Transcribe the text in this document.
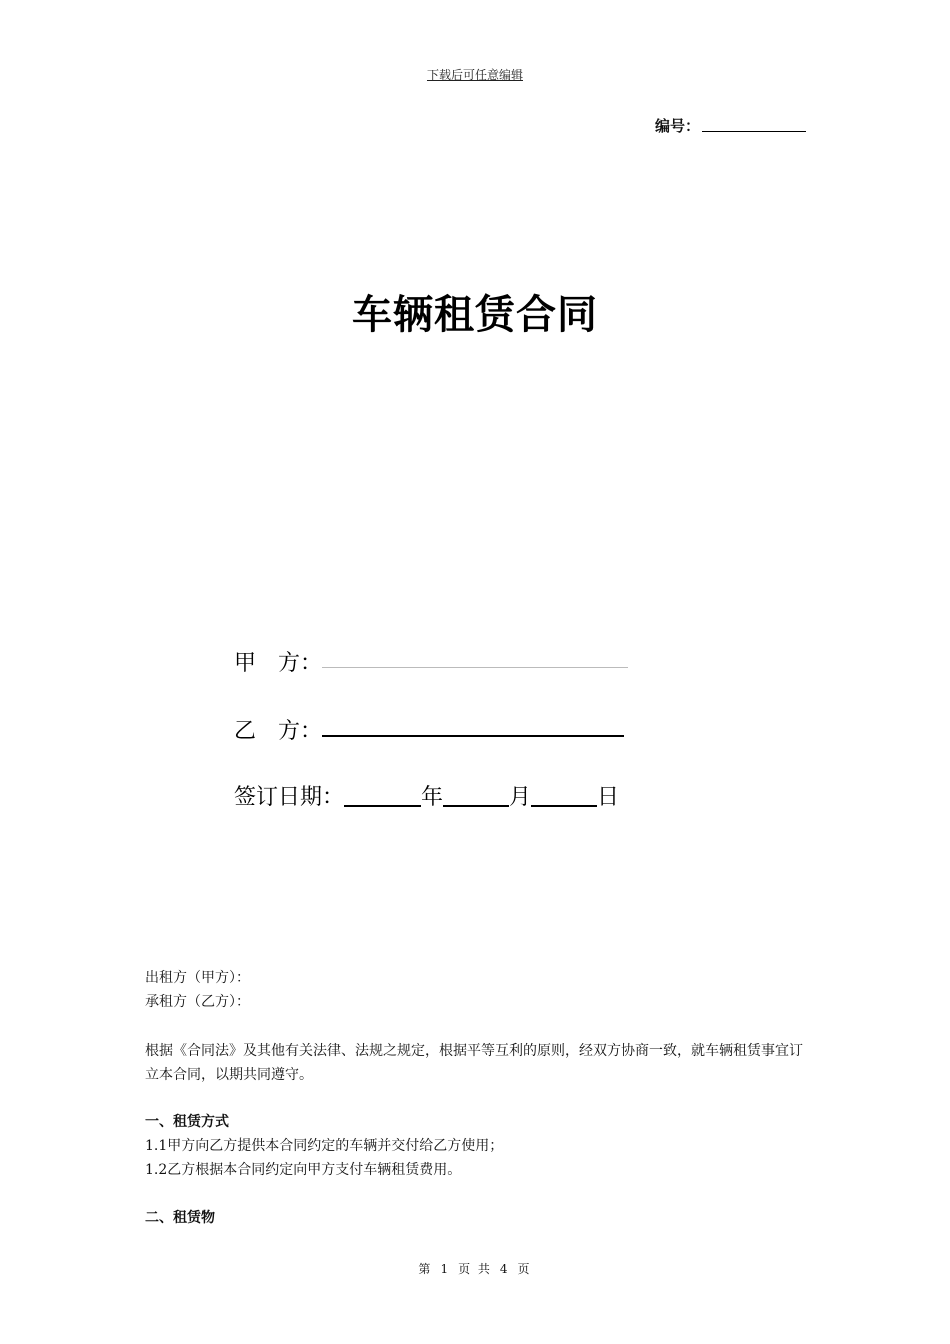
下载后可任意编辑
编号：
车辆租赁合同
甲　方：
乙　方：
签订日期：	年	月	日
出租方（甲方）：
承租方（乙方）：
根据《合同法》及其他有关法律、法规之规定，根据平等互利的原则，经双方协商一致，就车辆租赁事宜订立本合同，以期共同遵守。
一、租赁方式
1.1甲方向乙方提供本合同约定的车辆并交付给乙方使用；
1.2乙方根据本合同约定向甲方支付车辆租赁费用。
二、租赁物
第 1 页 共 4 页
